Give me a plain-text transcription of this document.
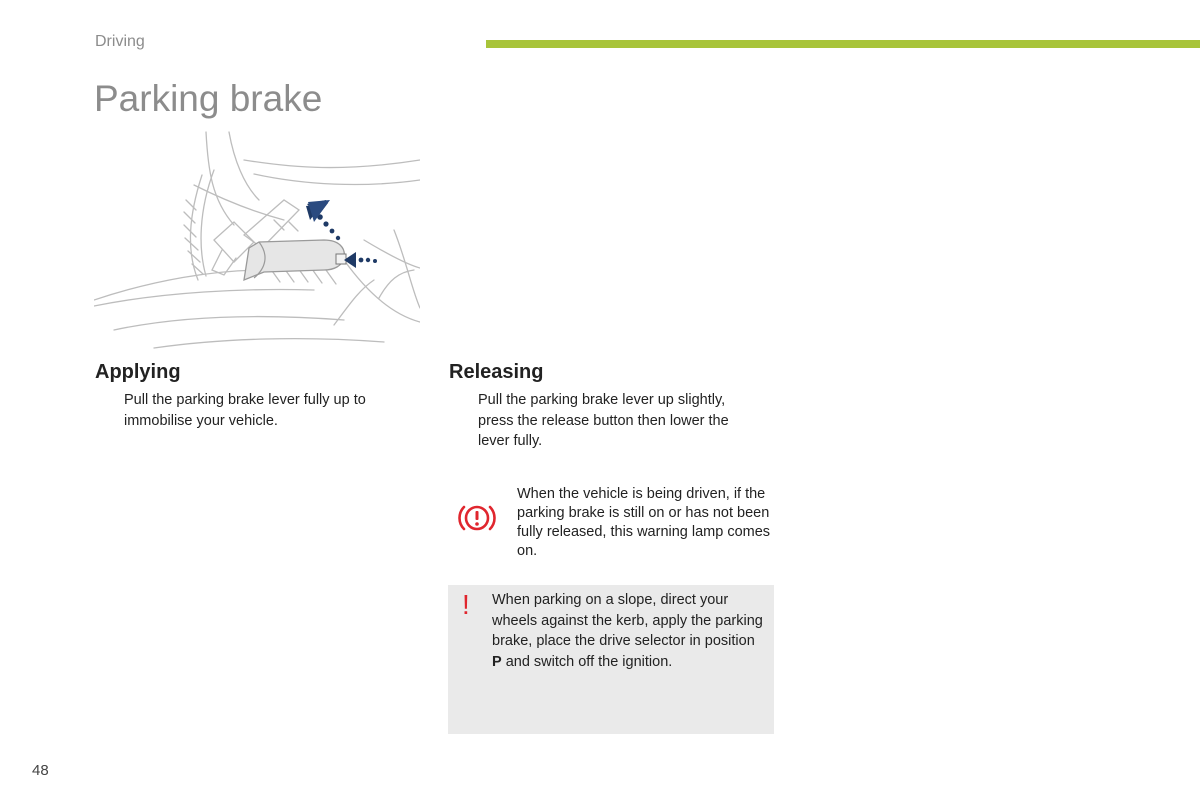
Driving
Parking brake
Applying
Pull the parking brake lever fully up to immobilise your vehicle.
Releasing
Pull the parking brake lever up slightly, press the release button then lower the lever fully.
When the vehicle is being driven, if the parking brake is still on or has not been fully released, this warning lamp comes on.
! When parking on a slope, direct your wheels against the kerb, apply the parking brake, place the drive selector in position P and switch off the ignition.
48
